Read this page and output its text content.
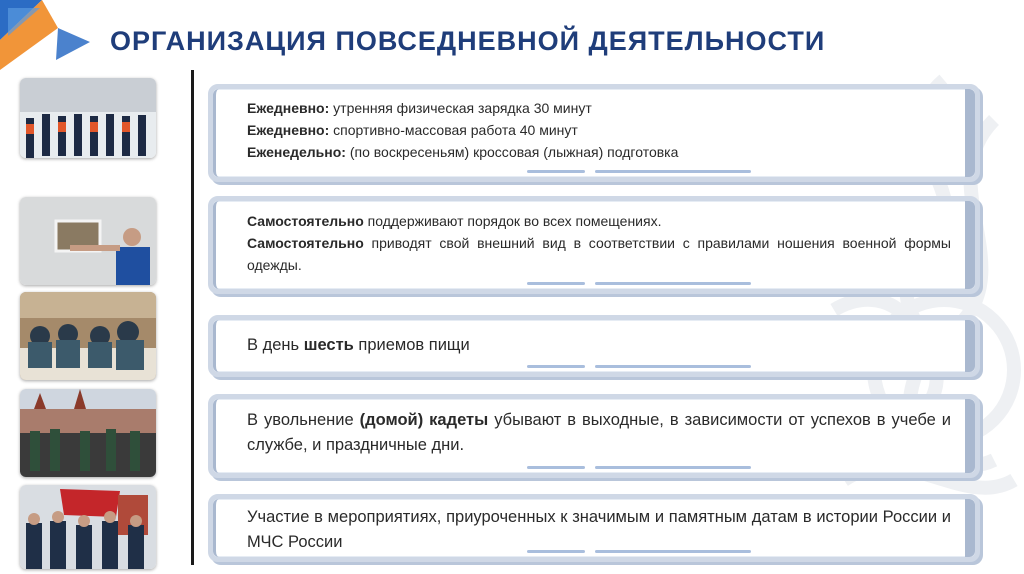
ОРГАНИЗАЦИЯ ПОВСЕДНЕВНОЙ ДЕЯТЕЛЬНОСТИ
Ежедневно: утренняя физическая зарядка 30 минут
Ежедневно: спортивно-массовая работа 40 минут
Еженедельно: (по воскресеньям) кроссовая (лыжная) подготовка
Самостоятельно поддерживают порядок во всех помещениях.
Самостоятельно приводят свой внешний вид в соответствии с правилами ношения военной формы одежды.
В день шесть приемов пищи
В увольнение (домой) кадеты убывают в выходные, в зависимости от успехов в учебе и службе, и праздничные дни.
Участие в мероприятиях, приуроченных к значимым и памятным датам в истории России и МЧС России
